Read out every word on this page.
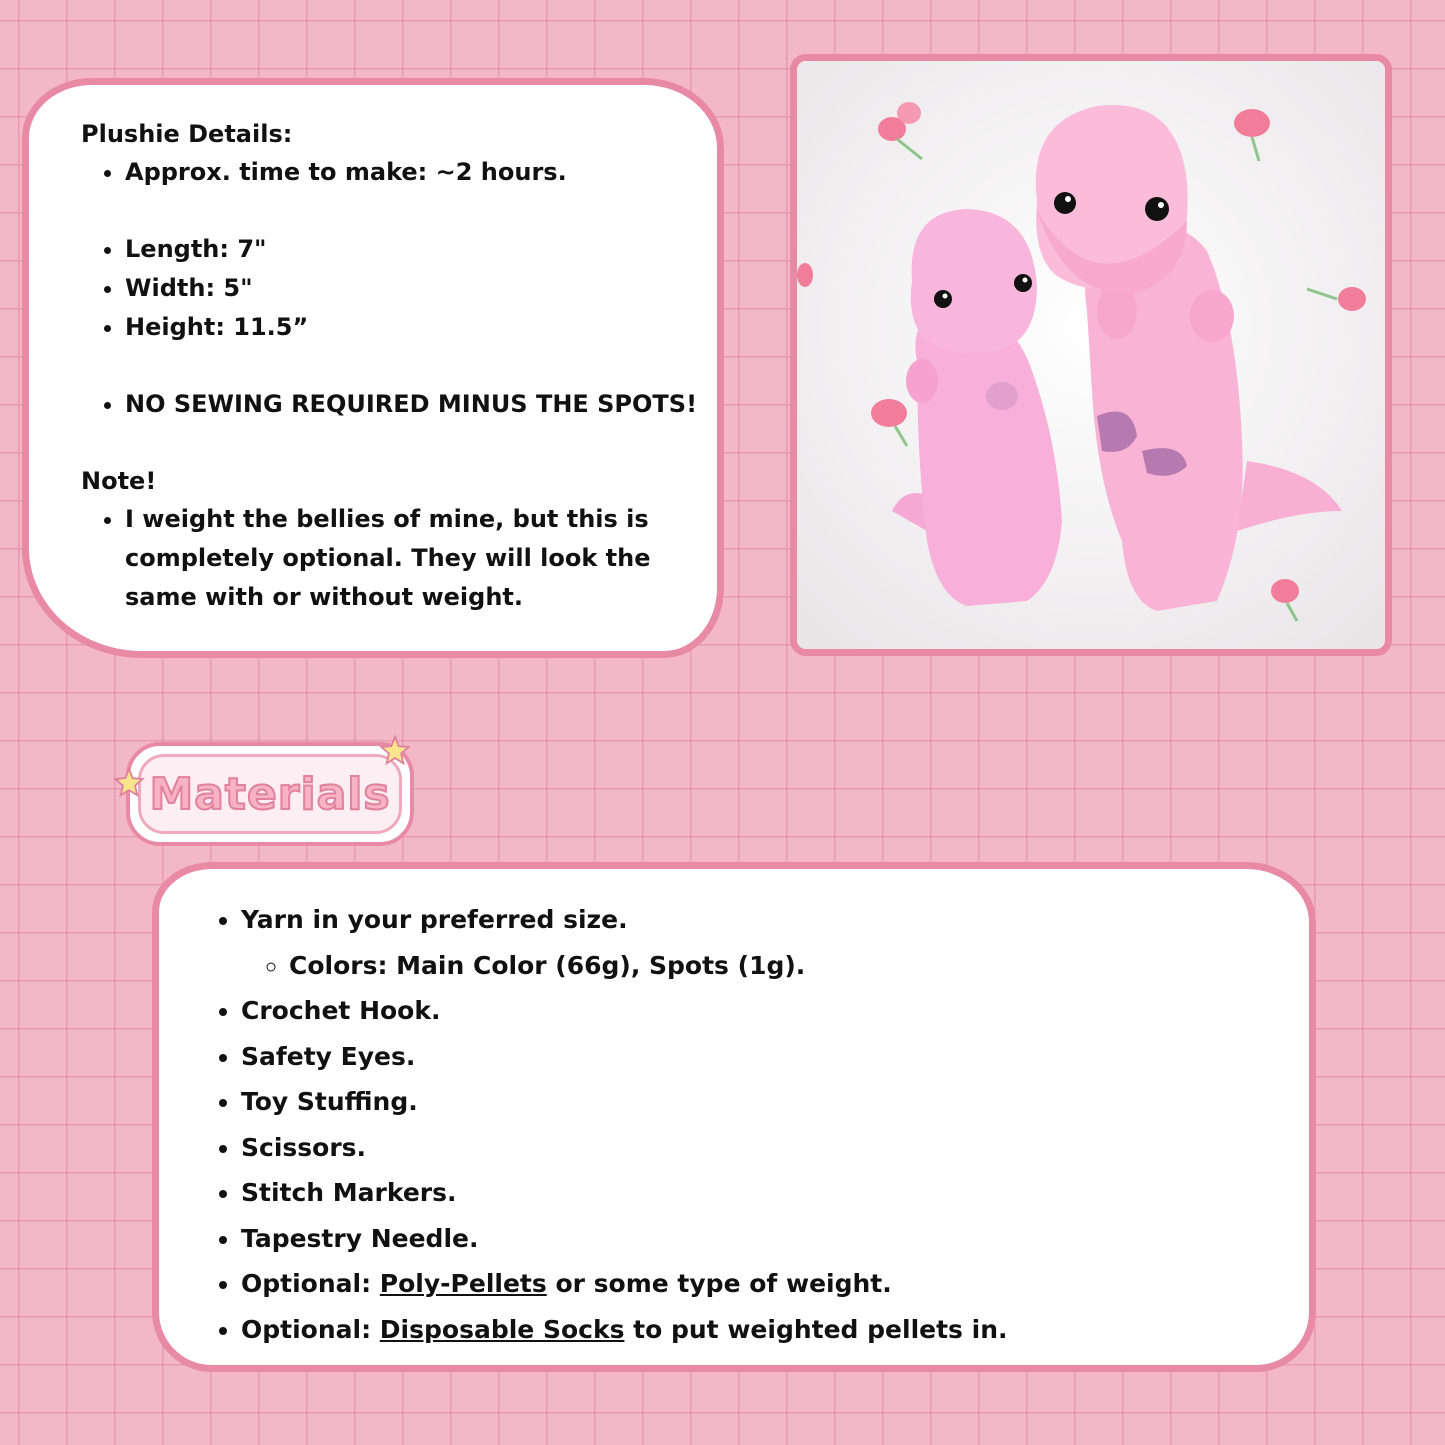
Plushie Details:

• Approx. time to make: ~2 hours.
• Length: 7"
• Width: 5"
• Height: 11.5”
• NO SEWING REQUIRED MINUS THE SPOTS!

Note!

• I weight the bellies of mine, but this is completely optional. They will look the same with or without weight.
Materials
• Yarn in your preferred size.
◦ Colors: Main Color (66g), Spots (1g).
• Crochet Hook.
• Safety Eyes.
• Toy Stuffing.
• Scissors.
• Stitch Markers.
• Tapestry Needle.
• Optional: Poly-Pellets or some type of weight.
• Optional: Disposable Socks to put weighted pellets in.
